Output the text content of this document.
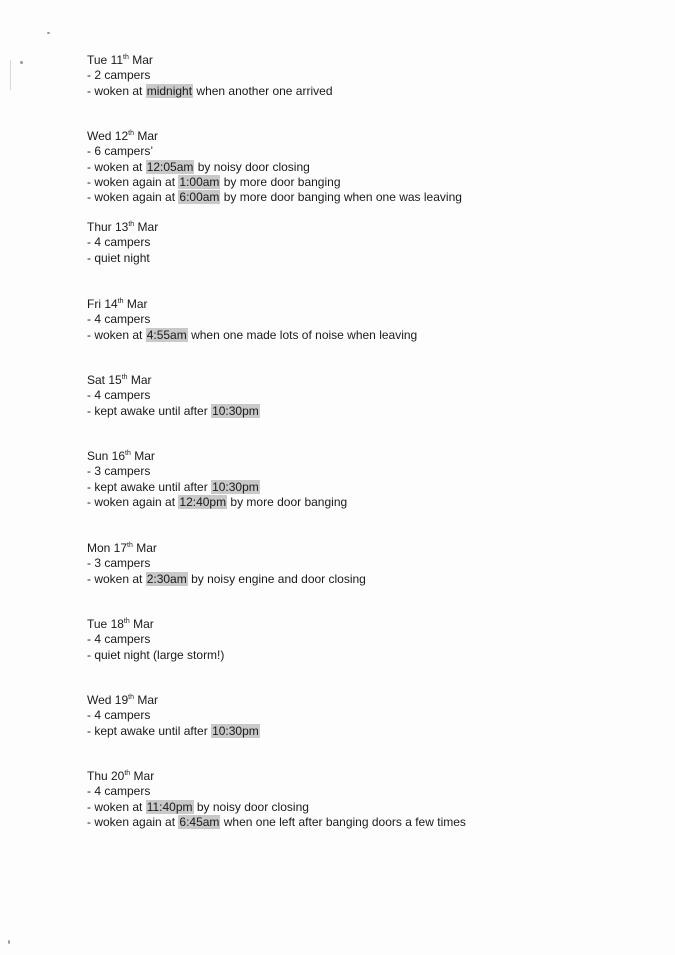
Tue 11th Mar
- 2 campers
- woken at midnight when another one arrived
Wed 12th Mar
- 6 campers’
- woken at 12:05am by noisy door closing
- woken again at 1:00am by more door banging
- woken again at 6:00am by more door banging when one was leaving
Thur 13th Mar
- 4 campers
- quiet night
Fri 14th Mar
- 4 campers
- woken at 4:55am when one made lots of noise when leaving
Sat 15th Mar
- 4 campers
- kept awake until after 10:30pm
Sun 16th Mar
- 3 campers
- kept awake until after 10:30pm
- woken again at 12:40pm by more door banging
Mon 17th Mar
- 3 campers
- woken at 2:30am by noisy engine and door closing
Tue 18th Mar
- 4 campers
- quiet night (large storm!)
Wed 19th Mar
- 4 campers
- kept awake until after 10:30pm
Thu 20th Mar
- 4 campers
- woken at 11:40pm by noisy door closing
- woken again at 6:45am when one left after banging doors a few times
